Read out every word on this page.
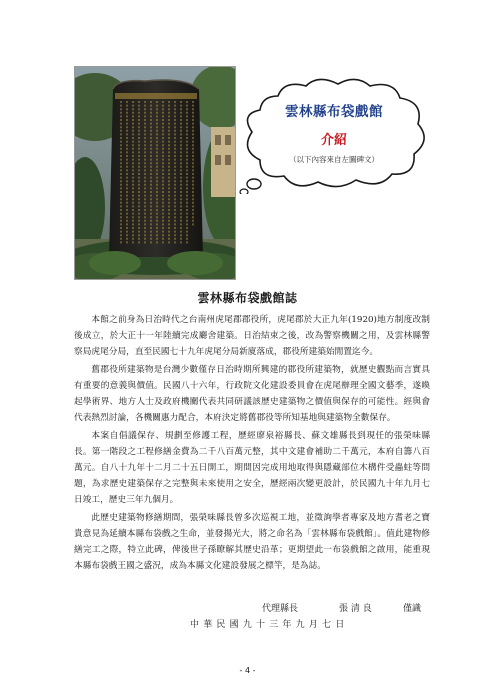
雲林縣布袋戲館
介紹
（以下內容來自左圖碑文）
雲林縣布袋戲館誌

本館之前身為日治時代之台南州虎尾郡郡役所，虎尾郡於大正九年(1920)地方制度改制後成立，於大正十一年陸續完成廳舍建築。日治結束之後，改為警察機關之用，及雲林縣警察局虎尾分局，直至民國七十九年虎尾分局新廈落成，郡役所建築始閒置迄今。

舊郡役所建築物是台灣少數僅存日治時期所興建的郡役所建築物，就歷史觀點而言實具有重要的意義與價值。民國八十六年，行政院文化建設委員會在虎尾辦理全國文藝季，遂喚起學術界、地方人士及政府機關代表共同研議該歷史建築物之價值與保存的可能性。經與會代表熱烈討論，各機關惠力配合，本府決定將舊郡役等所知基地與建築物全數保存。

本案自倡議保存、規劃至修護工程，歷經廖泉裕縣長、蘇文雄縣長到現任的張榮味縣長。第一階段之工程修繕金費為二千八百萬元整，其中文建會補助二千萬元，本府自籌八百萬元。自八十九年十二月二十五日開工，期間因完成用地取得與隱藏部位木構件受蟲蛀等問題，為求歷史建築保存之完整與未來使用之安全，歷經兩次變更設計，於民國九十年九月七日竣工，歷史三年九個月。

此歷史建築物修繕期間，張榮味縣長曾多次巡視工地，並徵詢學者專家及地方耆老之寶貴意見為延續本縣布袋戲之生命，並發揚光大，將之命名為「雲林縣布袋戲館」。值此建物修繕完工之際，特立此碑，俾後世子孫瞭解其歷史沿革；更期望此一布袋戲館之啟用，能重現本縣布袋戲王國之盛況，成為本縣文化建設發展之標竿，是為誌。

代理縣長	張 清 良	僅識
中華民國九十三年九月七日
- 4 -
